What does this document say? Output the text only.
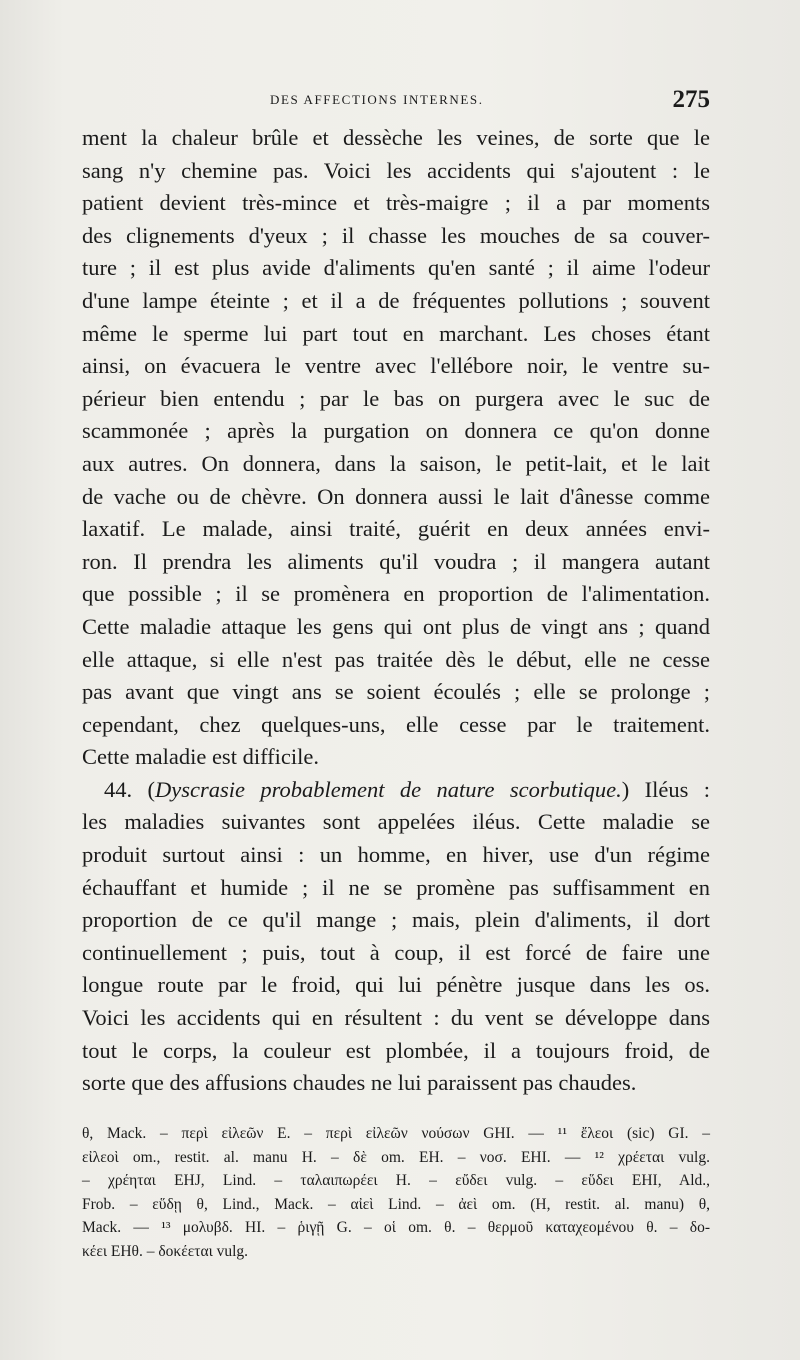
DES AFFECTIONS INTERNES.	275
ment la chaleur brûle et dessèche les veines, de sorte que le
sang n'y chemine pas. Voici les accidents qui s'ajoutent : le
patient devient très-mince et très-maigre ; il a par moments
des clignements d'yeux ; il chasse les mouches de sa couver-
ture ; il est plus avide d'aliments qu'en santé ; il aime l'odeur
d'une lampe éteinte ; et il a de fréquentes pollutions ; souvent
même le sperme lui part tout en marchant. Les choses étant
ainsi, on évacuera le ventre avec l'ellébore noir, le ventre su-
périeur bien entendu ; par le bas on purgera avec le suc de
scammonée ; après la purgation on donnera ce qu'on donne
aux autres. On donnera, dans la saison, le petit-lait, et le lait
de vache ou de chèvre. On donnera aussi le lait d'ânesse comme
laxatif. Le malade, ainsi traité, guérit en deux années envi-
ron. Il prendra les aliments qu'il voudra ; il mangera autant
que possible ; il se promènera en proportion de l'alimentation.
Cette maladie attaque les gens qui ont plus de vingt ans ; quand
elle attaque, si elle n'est pas traitée dès le début, elle ne cesse
pas avant que vingt ans se soient écoulés ; elle se prolonge ;
cependant, chez quelques-uns, elle cesse par le traitement.
Cette maladie est difficile.
44. (Dyscrasie probablement de nature scorbutique.) Iléus :
les maladies suivantes sont appelées iléus. Cette maladie se
produit surtout ainsi : un homme, en hiver, use d'un régime
échauffant et humide ; il ne se promène pas suffisamment en
proportion de ce qu'il mange ; mais, plein d'aliments, il dort
continuellement ; puis, tout à coup, il est forcé de faire une
longue route par le froid, qui lui pénètre jusque dans les os.
Voici les accidents qui en résultent : du vent se développe dans
tout le corps, la couleur est plombée, il a toujours froid, de
sorte que des affusions chaudes ne lui paraissent pas chaudes.
θ, Mack. – περὶ εἰλεῶν E. – περὶ εἰλεῶν νούσων GHI. — ¹¹ ἔλεοι (sic) GI. –
εἰλεοὶ om., restit. al. manu H. – δὲ om. EH. – νοσ. EHI. — ¹² χρέεται vulg.
– χρέηται EHJ, Lind. – ταλαιπωρέει H. – εὔδει vulg. – εὕδει EHI, Ald.,
Frob. – εὕδῃ θ, Lind., Mack. – αἰεὶ Lind. – ἀεὶ om. (H, restit. al. manu) θ,
Mack. — ¹³ μολυβδ. HI. – ῥιγῇ G. – οἱ om. θ. – θερμοῦ καταχεομένου θ. – δο-
κέει EHθ. – δοκέεται vulg.
